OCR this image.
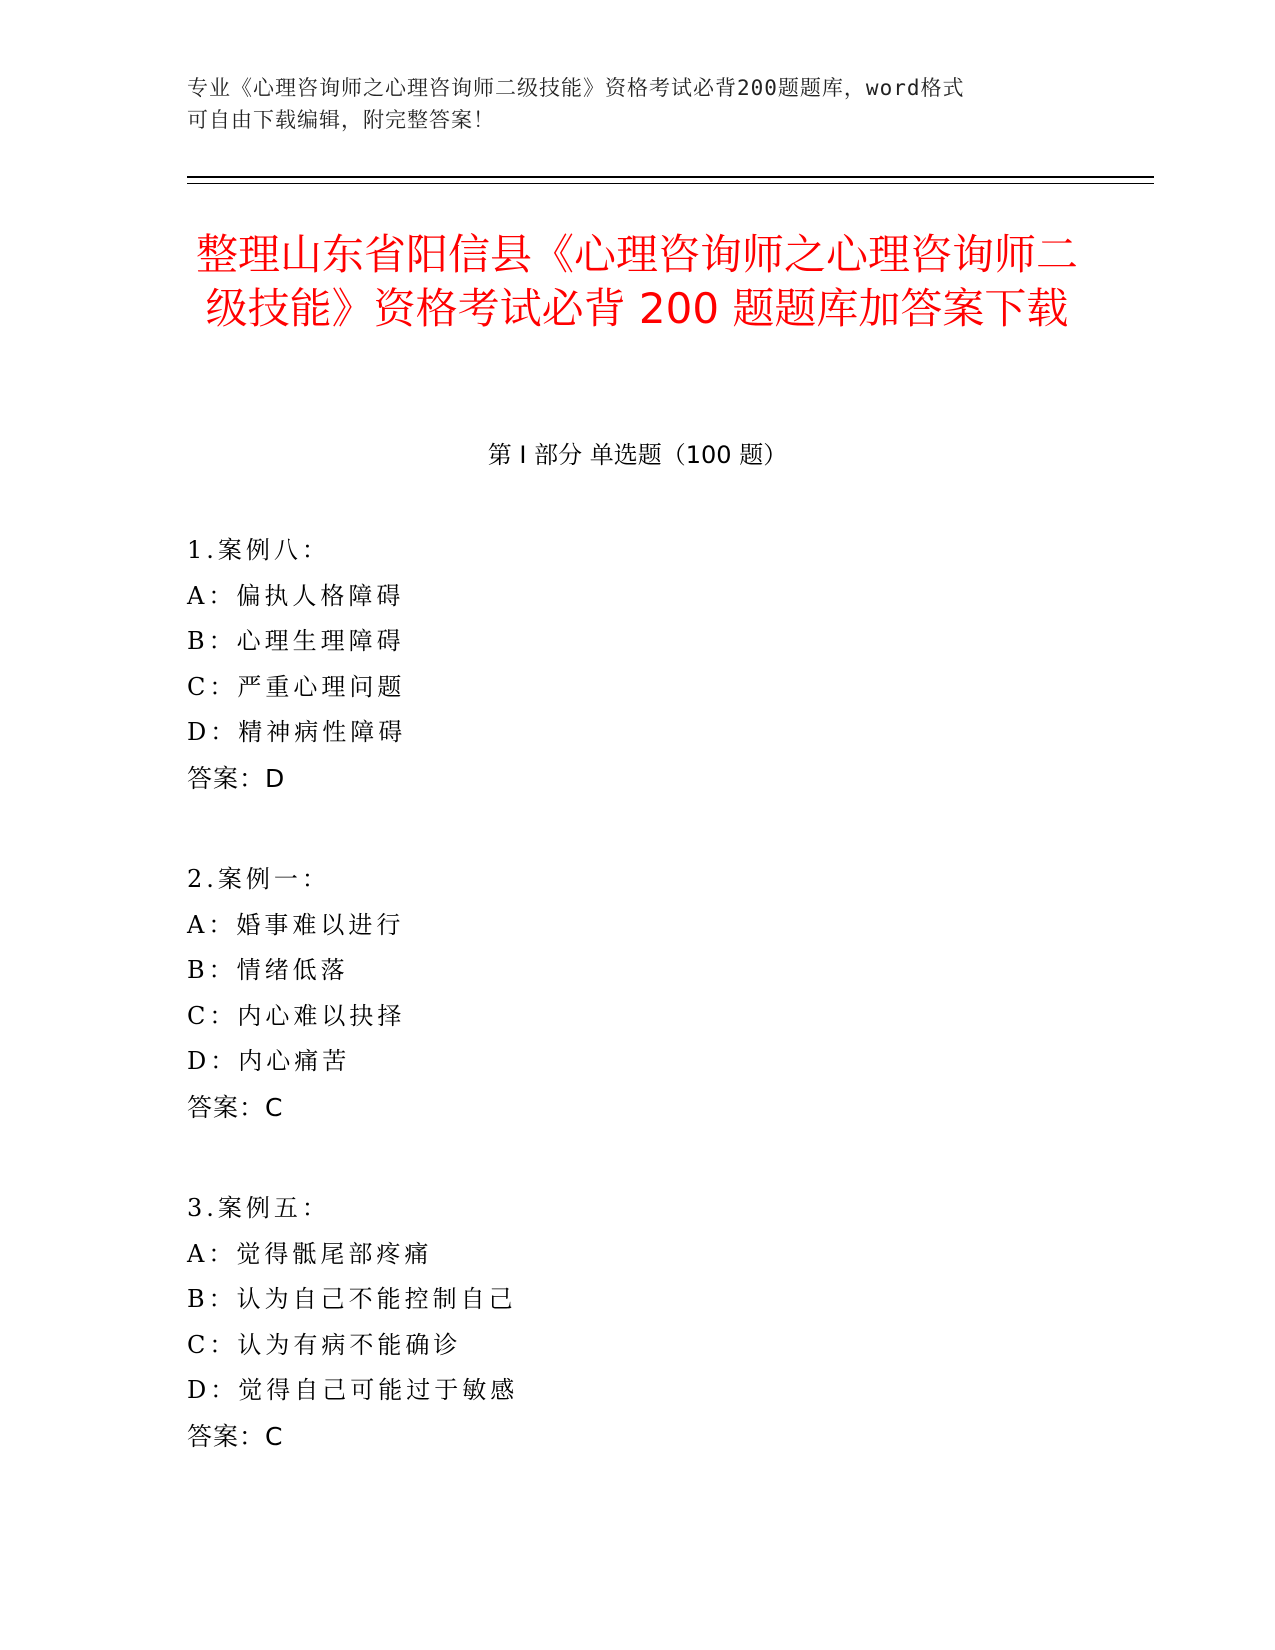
专业《心理咨询师之心理咨询师二级技能》资格考试必背200题题库，word格式
可自由下载编辑，附完整答案！
整理山东省阳信县《心理咨询师之心理咨询师二级技能》资格考试必背 200 题题库加答案下载
第 I 部分 单选题（100 题）
1.案例八：
A：偏执人格障碍
B：心理生理障碍
C：严重心理问题
D：精神病性障碍
答案：D
2.案例一：
A：婚事难以进行
B：情绪低落
C：内心难以抉择
D：内心痛苦
答案：C
3.案例五：
A：觉得骶尾部疼痛
B：认为自己不能控制自己
C：认为有病不能确诊
D：觉得自己可能过于敏感
答案：C
